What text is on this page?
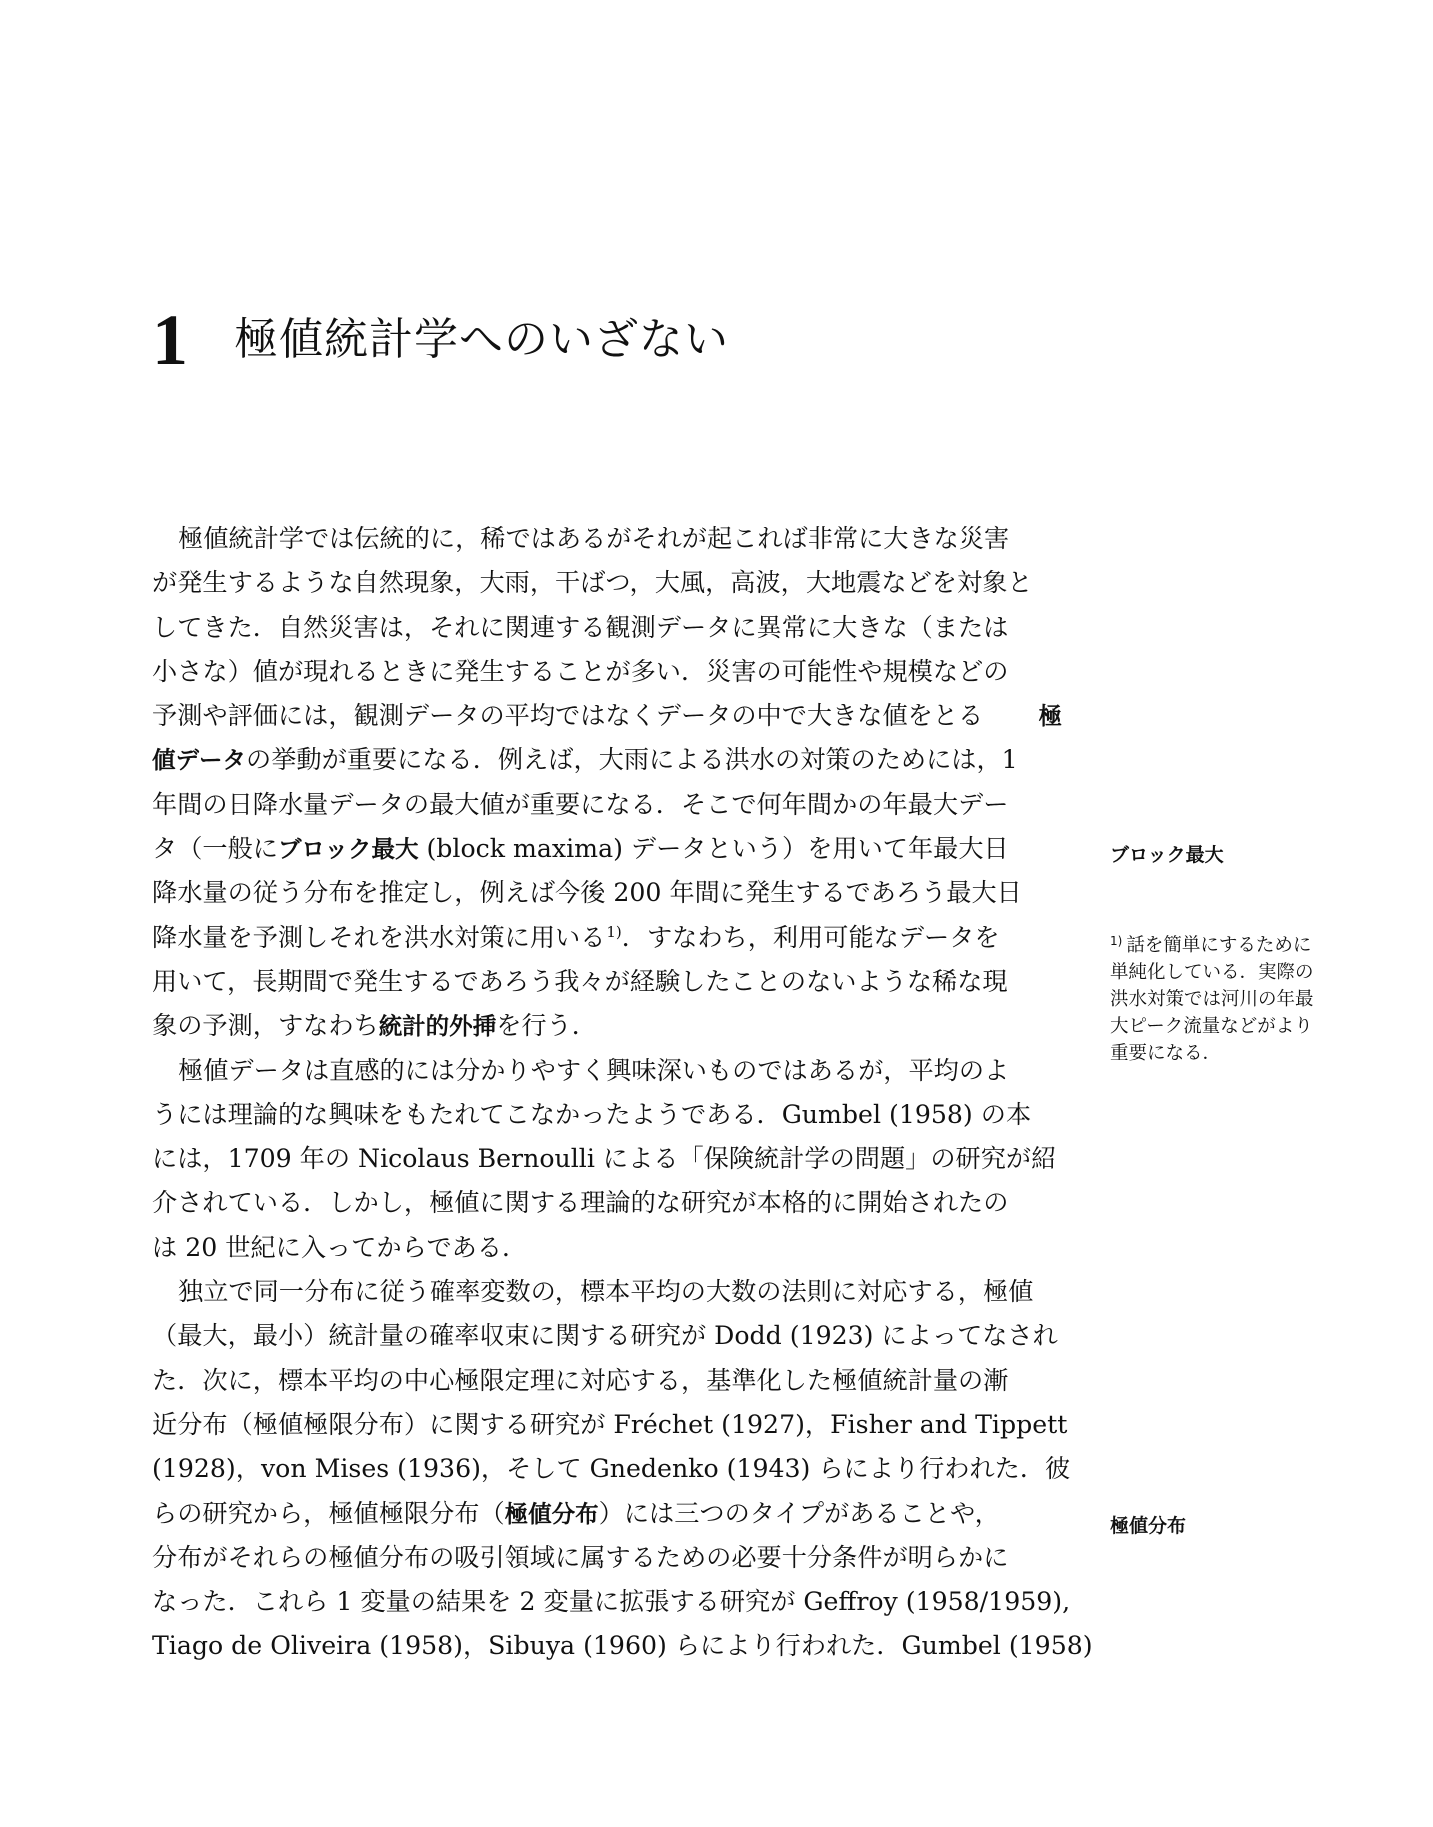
1 極値統計学へのいざない
極値統計学では伝統的に，稀ではあるがそれが起これば非常に大きな災害
が発生するような自然現象，大雨，干ばつ，大風，高波，大地震などを対象と
してきた．自然災害は，それに関連する観測データに異常に大きな（または
小さな）値が現れるときに発生することが多い．災害の可能性や規模などの
予測や評価には，観測データの平均ではなくデータの中で大きな値をとる 極
値データの挙動が重要になる．例えば，大雨による洪水の対策のためには，1
年間の日降水量データの最大値が重要になる．そこで何年間かの年最大デー
タ（一般にブロック最大 (block maxima) データという）を用いて年最大日
降水量の従う分布を推定し，例えば今後 200 年間に発生するであろう最大日
降水量を予測しそれを洪水対策に用いる$^{1)}$．すなわち，利用可能なデータを
用いて，長期間で発生するであろう我々が経験したことのないような稀な現
象の予測，すなわち統計的外挿を行う．
極値データは直感的には分かりやすく興味深いものではあるが，平均のよ
うには理論的な興味をもたれてこなかったようである．Gumbel (1958) の本
には，1709 年の Nicolaus Bernoulli による「保険統計学の問題」の研究が紹
介されている．しかし，極値に関する理論的な研究が本格的に開始されたの
は 20 世紀に入ってからである．
独立で同一分布に従う確率変数の，標本平均の大数の法則に対応する，極値
（最大，最小）統計量の確率収束に関する研究が Dodd (1923) によってなされ
た．次に，標本平均の中心極限定理に対応する，基準化した極値統計量の漸
近分布（極値極限分布）に関する研究が Fréchet (1927)，Fisher and Tippett
(1928)，von Mises (1936)，そして Gnedenko (1943) らにより行われた．彼
らの研究から，極値極限分布（極値分布）には三つのタイプがあることや，
分布がそれらの極値分布の吸引領域に属するための必要十分条件が明らかに
なった．これら 1 変量の結果を 2 変量に拡張する研究が Geffroy (1958/1959),
Tiago de Oliveira (1958)，Sibuya (1960) らにより行われた．Gumbel (1958)
ブロック最大
$^{1)}$ 話を簡単にするために
単純化している．実際の
洪水対策では河川の年最
大ピーク流量などがより
重要になる．
極値分布
